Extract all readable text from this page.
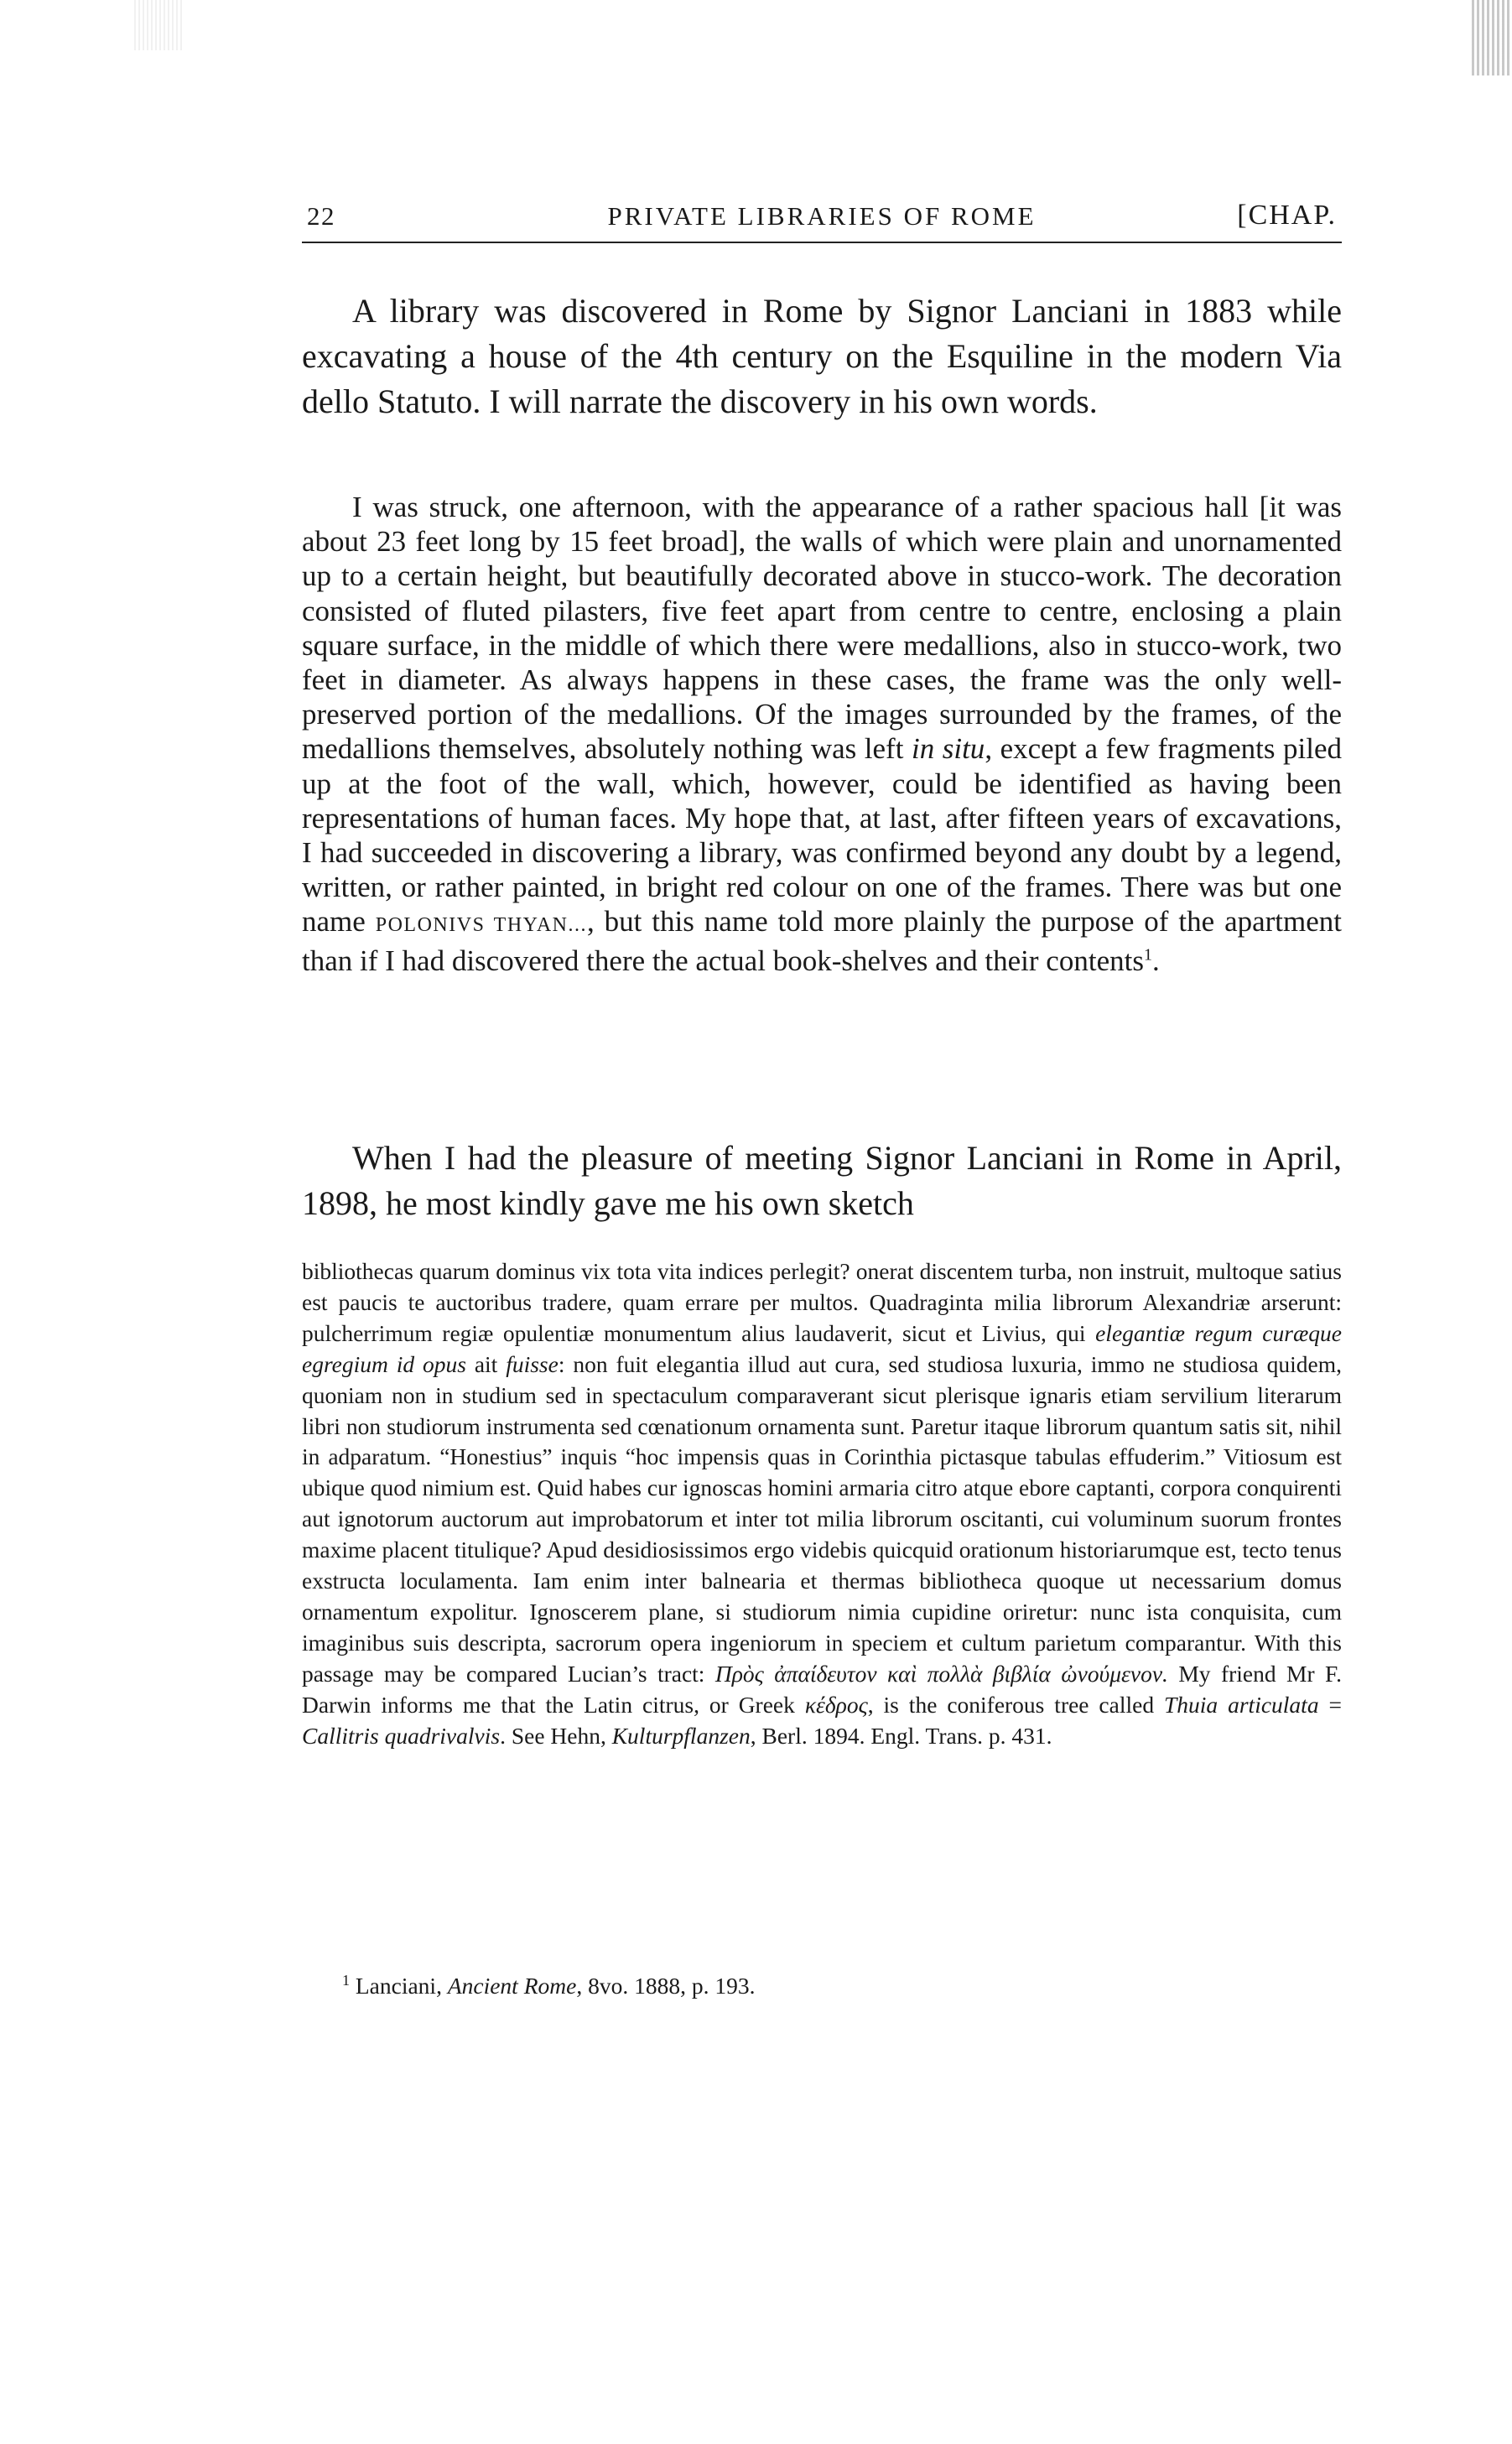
22	PRIVATE LIBRARIES OF ROME	[CHAP.
A library was discovered in Rome by Signor Lanciani in 1883 while excavating a house of the 4th century on the Esquiline in the modern Via dello Statuto. I will narrate the discovery in his own words.
I was struck, one afternoon, with the appearance of a rather spacious hall [it was about 23 feet long by 15 feet broad], the walls of which were plain and unornamented up to a certain height, but beautifully decorated above in stucco-work. The decoration consisted of fluted pilasters, five feet apart from centre to centre, enclosing a plain square surface, in the middle of which there were medallions, also in stucco-work, two feet in diameter. As always happens in these cases, the frame was the only well-preserved portion of the medallions. Of the images surrounded by the frames, of the medallions themselves, absolutely nothing was left in situ, except a few fragments piled up at the foot of the wall, which, however, could be identified as having been representations of human faces. My hope that, at last, after fifteen years of excavations, I had succeeded in discovering a library, was confirmed beyond any doubt by a legend, written, or rather painted, in bright red colour on one of the frames. There was but one name POLONIVS THYAN..., but this name told more plainly the purpose of the apartment than if I had discovered there the actual book-shelves and their contents$^1$.
When I had the pleasure of meeting Signor Lanciani in Rome in April, 1898, he most kindly gave me his own sketch
bibliothecas quarum dominus vix tota vita indices perlegit? onerat discentem turba, non instruit, multoque satius est paucis te auctoribus tradere, quam errare per multos. Quadraginta milia librorum Alexandriæ arserunt: pulcherrimum regiæ opulentiæ monumentum alius laudaverit, sicut et Livius, qui elegantiæ regum curæque egregium id opus ait fuisse: non fuit elegantia illud aut cura, sed studiosa luxuria, immo ne studiosa quidem, quoniam non in studium sed in spectaculum comparaverant sicut plerisque ignaris etiam servilium literarum libri non studiorum instrumenta sed cœnationum ornamenta sunt. Paretur itaque librorum quantum satis sit, nihil in adparatum. “Honestius” inquis “hoc impensis quas in Corinthia pictasque tabulas effuderim.” Vitiosum est ubique quod nimium est. Quid habes cur ignoscas homini armaria citro atque ebore captanti, corpora conquirenti aut ignotorum auctorum aut improbatorum et inter tot milia librorum oscitanti, cui voluminum suorum frontes maxime placent titulique? Apud desidiosissimos ergo videbis quicquid orationum historiarumque est, tecto tenus exstructa loculamenta. Iam enim inter balnearia et thermas bibliotheca quoque ut necessarium domus ornamentum expolitur. Ignoscerem plane, si studiorum nimia cupidine oriretur: nunc ista conquisita, cum imaginibus suis descripta, sacrorum opera ingeniorum in speciem et cultum parietum comparantur. With this passage may be compared Lucian’s tract: Πρὸς ἀπαίδευτον καὶ πολλὰ βιβλία ὠνούμενον. My friend Mr F. Darwin informs me that the Latin citrus, or Greek κέδρος, is the coniferous tree called Thuia articulata = Callitris quadrivalvis. See Hehn, Kulturpflanzen, Berl. 1894. Engl. Trans. p. 431.
$^1$ Lanciani, Ancient Rome, 8vo. 1888, p. 193.
